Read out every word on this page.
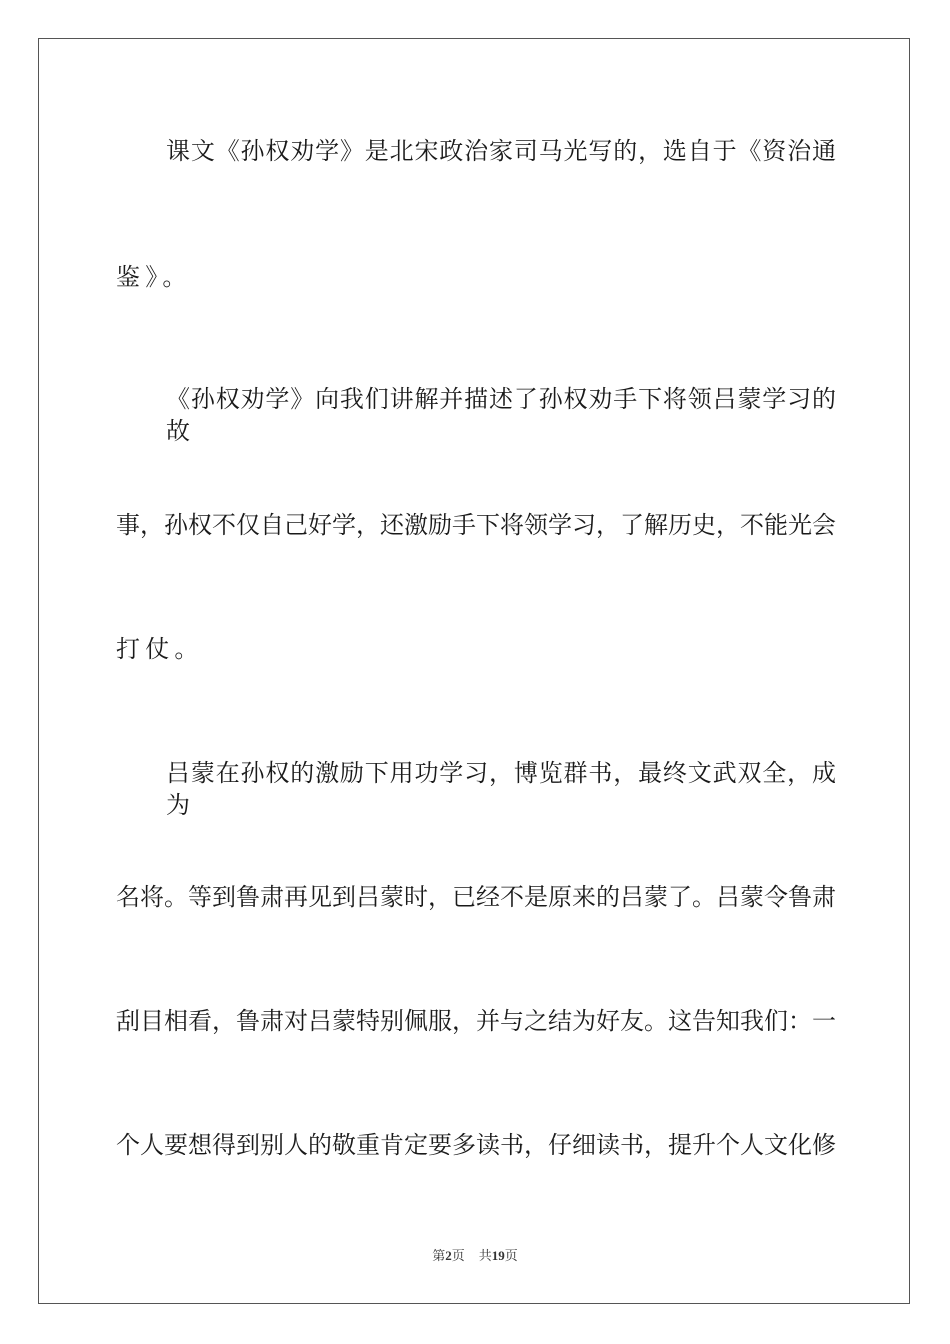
课文《孙权劝学》是北宋政治家司马光写的，选自于《资治通
鉴》。
《孙权劝学》向我们讲解并描述了孙权劝手下将领吕蒙学习的故
事，孙权不仅自己好学，还激励手下将领学习，了解历史，不能光会
打仗。
吕蒙在孙权的激励下用功学习，博览群书，最终文武双全，成为
名将。等到鲁肃再见到吕蒙时，已经不是原来的吕蒙了。吕蒙令鲁肃
刮目相看，鲁肃对吕蒙特别佩服，并与之结为好友。这告知我们：一
个人要想得到别人的敬重肯定要多读书，仔细读书，提升个人文化修
第2页 共19页
